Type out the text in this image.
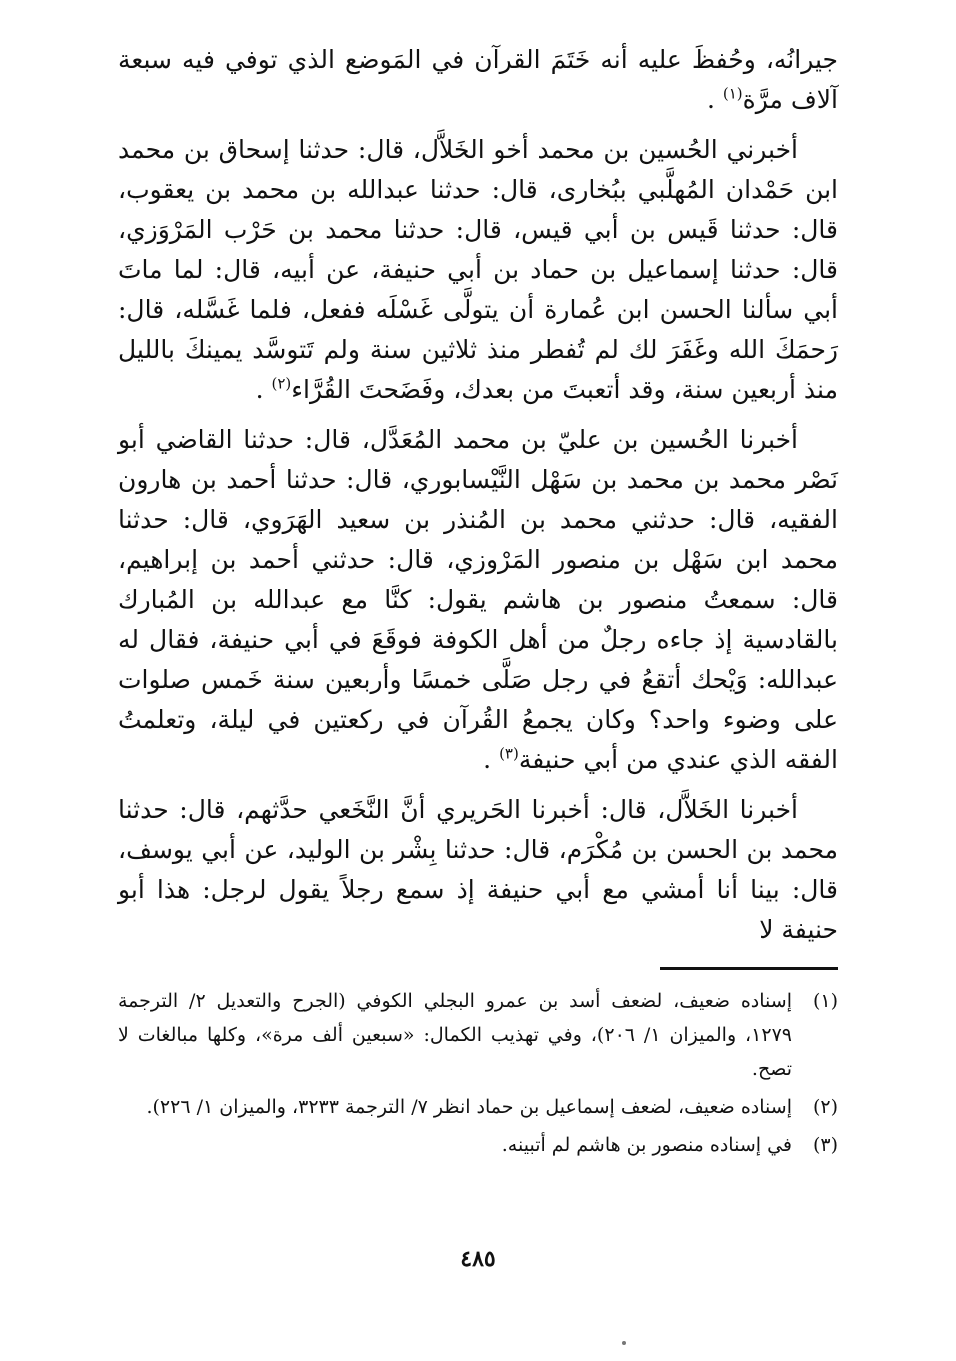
جيرانُه، وحُفظَ عليه أنه خَتَمَ القرآن في المَوضع الذي توفي فيه سبعة آلاف مرَّة$^{(١)}$ .

أخبرني الحُسين بن محمد أخو الخَلاَّل، قال: حدثنا إسحاق بن محمد ابن حَمْدان المُهلَّبي ببُخارى، قال: حدثنا عبدالله بن محمد بن يعقوب، قال: حدثنا قَيس بن أبي قيس، قال: حدثنا محمد بن حَرْب المَرْوَزي، قال: حدثنا إسماعيل بن حماد بن أبي حنيفة، عن أبيه، قال: لما ماتَ أبي سألنا الحسن ابن عُمارة أن يتولَّى غَسْلَه ففعل، فلما غَسَّله، قال: رَحمَكَ الله وغَفَرَ لك لم تُفطر منذ ثلاثين سنة ولم تَتوسَّد يمينكَ بالليل منذ أربعين سنة، وقد أتعبتَ من بعدك، وفَضَحتَ القُرَّاء$^{(٢)}$ .

أخبرنا الحُسين بن عليّ بن محمد المُعَدَّل، قال: حدثنا القاضي أبو نَصْر محمد بن محمد بن سَهْل النَّيْسابوري، قال: حدثنا أحمد بن هارون الفقيه، قال: حدثني محمد بن المُنذر بن سعيد الهَرَوي، قال: حدثنا محمد ابن سَهْل بن منصور المَرْوزي، قال: حدثني أحمد بن إبراهيم، قال: سمعتُ منصور بن هاشم يقول: كنَّا مع عبدالله بن المُبارك بالقادسية إذ جاءه رجلٌ من أهل الكوفة فوقَعَ في أبي حنيفة، فقال له عبدالله: وَيْحك أتقعُ في رجل صَلَّى خمسًا وأربعين سنة خَمس صلوات على وضوء واحد؟ وكان يجمعُ القُرآن في ركعتين في ليلة، وتعلمتُ الفقه الذي عندي من أبي حنيفة$^{(٣)}$ .

أخبرنا الخَلاَّل، قال: أخبرنا الحَريري أنَّ النَّخَعي حدَّثهم، قال: حدثنا محمد بن الحسن بن مُكْرَم، قال: حدثنا بِشْر بن الوليد، عن أبي يوسف، قال: بينا أنا أمشي مع أبي حنيفة إذ سمع رجلاً يقول لرجل: هذا أبو حنيفة لا

(١)
إسناده ضعيف، لضعف أسد بن عمرو البجلي الكوفي (الجرح والتعديل ٢/ الترجمة ١٢٧٩، والميزان ١/ ٢٠٦)، وفي تهذيب الكمال: «سبعين ألف مرة»، وكلها مبالغات لا تصح.
(٢)
إسناده ضعيف، لضعف إسماعيل بن حماد انظر ٧/ الترجمة ٣٢٣٣، والميزان ١/ ٢٢٦).
(٣)
في إسناده منصور بن هاشم لم أتبينه.
٤٨٥
